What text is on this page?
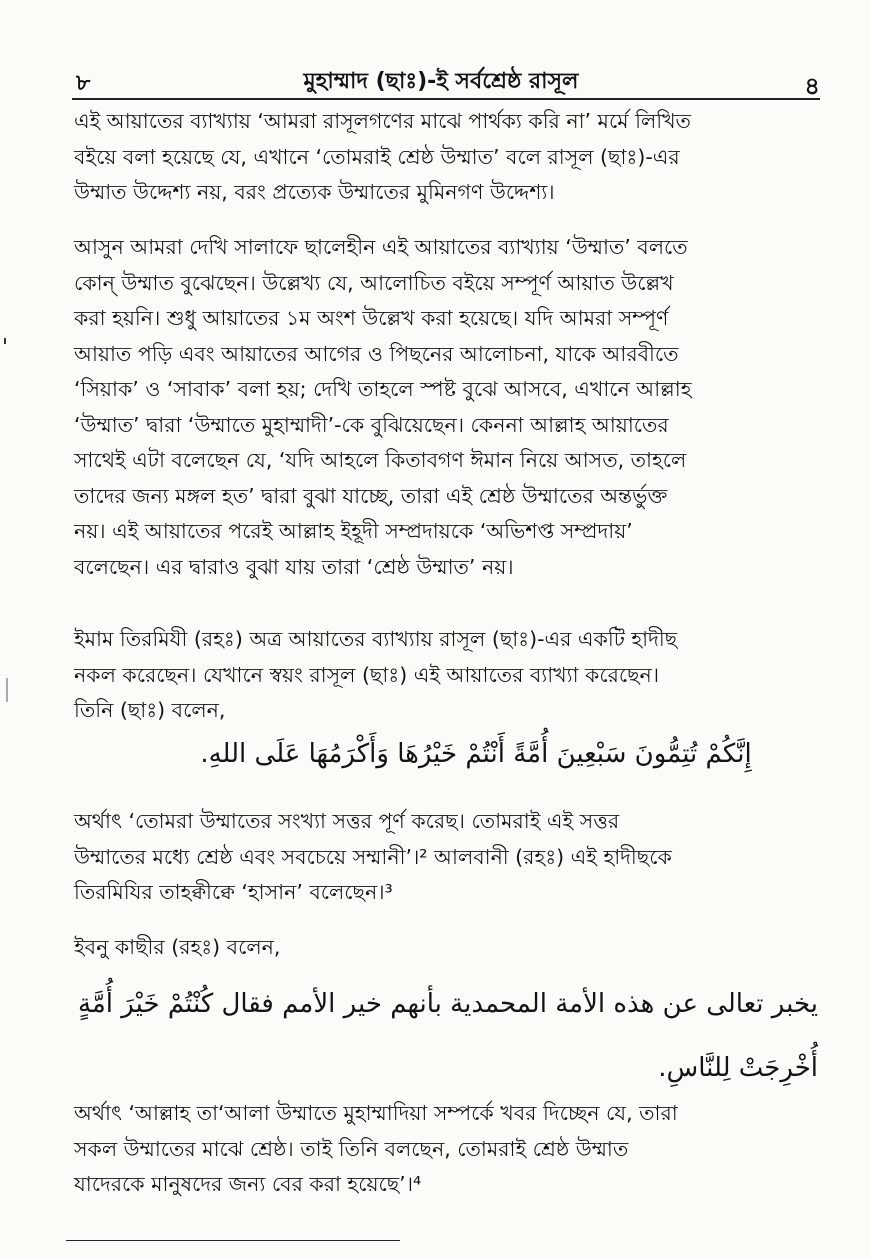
৮	মুহাম্মাদ (ছাঃ)-ই সর্বশ্রেষ্ঠ রাসূল	৪
এই আয়াতের ব্যাখ্যায় ‘আমরা রাসূলগণের মাঝে পার্থক্য করি না’ মর্মে লিখিত
বইয়ে বলা হয়েছে যে, এখানে ‘তোমরাই শ্রেষ্ঠ উম্মাত’ বলে রাসূল (ছাঃ)-এর
উম্মাত উদ্দেশ্য নয়, বরং প্রত্যেক উম্মাতের মুমিনগণ উদ্দেশ্য।
আসুন আমরা দেখি সালাফে ছালেহীন এই আয়াতের ব্যাখ্যায় ‘উম্মাত’ বলতে
কোন্ উম্মাত বুঝেছেন। উল্লেখ্য যে, আলোচিত বইয়ে সম্পূর্ণ আয়াত উল্লেখ
করা হয়নি। শুধু আয়াতের ১ম অংশ উল্লেখ করা হয়েছে। যদি আমরা সম্পূর্ণ
আয়াত পড়ি এবং আয়াতের আগের ও পিছনের আলোচনা, যাকে আরবীতে
‘সিয়াক’ ও ‘সাবাক’ বলা হয়; দেখি তাহলে স্পষ্ট বুঝে আসবে, এখানে আল্লাহ
‘উম্মাত’ দ্বারা ‘উম্মাতে মুহাম্মাদী’-কে বুঝিয়েছেন। কেননা আল্লাহ আয়াতের
সাথেই এটা বলেছেন যে, ‘যদি আহলে কিতাবগণ ঈমান নিয়ে আসত, তাহলে
তাদের জন্য মঙ্গল হত’ দ্বারা বুঝা যাচ্ছে, তারা এই শ্রেষ্ঠ উম্মাতের অন্তর্ভুক্ত
নয়। এই আয়াতের পরেই আল্লাহ ইহূদী সম্প্রদায়কে ‘অভিশপ্ত সম্প্রদায়’
বলেছেন। এর দ্বারাও বুঝা যায় তারা ‘শ্রেষ্ঠ উম্মাত’ নয়।
ইমাম তিরমিযী (রহঃ) অত্র আয়াতের ব্যাখ্যায় রাসূল (ছাঃ)-এর একটি হাদীছ
নকল করেছেন। যেখানে স্বয়ং রাসূল (ছাঃ) এই আয়াতের ব্যাখ্যা করেছেন।
তিনি (ছাঃ) বলেন,
إِنَّكُمْ تُتِمُّونَ سَبْعِينَ أُمَّةً أَنْتُمْ خَيْرُهَا وَأَكْرَمُهَا عَلَى اللهِ.
অর্থাৎ ‘তোমরা উম্মাতের সংখ্যা সত্তর পূর্ণ করেছ। তোমরাই এই সত্তর
উম্মাতের মধ্যে শ্রেষ্ঠ এবং সবচেয়ে সম্মানী’।² আলবানী (রহঃ) এই হাদীছকে
তিরমিযির তাহক্বীক্বে ‘হাসান’ বলেছেন।³
ইবনু কাছীর (রহঃ) বলেন,
يخبر تعالى عن هذه الأمة المحمدية بأنهم خير الأمم فقال كُنْتُمْ خَيْرَ أُمَّةٍ
أُخْرِجَتْ لِلنَّاسِ.
অর্থাৎ ‘আল্লাহ তা‘আলা উম্মাতে মুহাম্মাদিয়া সম্পর্কে খবর দিচ্ছেন যে, তারা
সকল উম্মাতের মাঝে শ্রেষ্ঠ। তাই তিনি বলছেন, তোমরাই শ্রেষ্ঠ উম্মাত
যাদেরকে মানুষদের জন্য বের করা হয়েছে’।⁴
